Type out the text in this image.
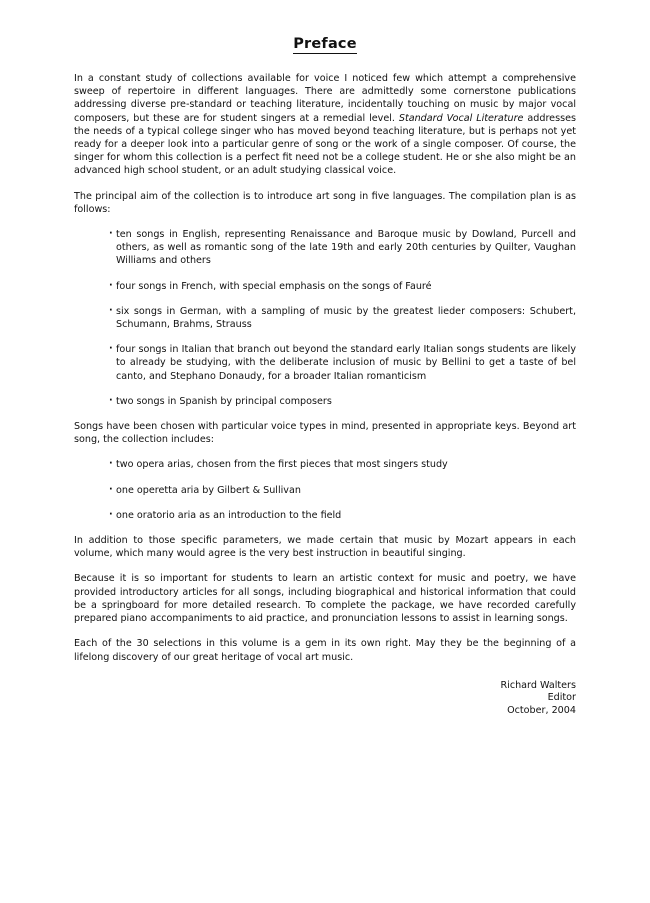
Preface

In a constant study of collections available for voice I noticed few which attempt a comprehensive sweep of repertoire in different languages. There are admittedly some cornerstone publications addressing diverse pre-standard or teaching literature, incidentally touching on music by major vocal composers, but these are for student singers at a remedial level. Standard Vocal Literature addresses the needs of a typical college singer who has moved beyond teaching literature, but is perhaps not yet ready for a deeper look into a particular genre of song or the work of a single composer. Of course, the singer for whom this collection is a perfect fit need not be a college student. He or she also might be an advanced high school student, or an adult studying classical voice.

The principal aim of the collection is to introduce art song in five languages. The compilation plan is as follows:

· ten songs in English, representing Renaissance and Baroque music by Dowland, Purcell and others, as well as romantic song of the late 19th and early 20th centuries by Quilter, Vaughan Williams and others
· four songs in French, with special emphasis on the songs of Fauré
· six songs in German, with a sampling of music by the greatest lieder composers: Schubert, Schumann, Brahms, Strauss
· four songs in Italian that branch out beyond the standard early Italian songs students are likely to already be studying, with the deliberate inclusion of music by Bellini to get a taste of bel canto, and Stephano Donaudy, for a broader Italian romanticism
· two songs in Spanish by principal composers

Songs have been chosen with particular voice types in mind, presented in appropriate keys. Beyond art song, the collection includes:

· two opera arias, chosen from the first pieces that most singers study
· one operetta aria by Gilbert & Sullivan
· one oratorio aria as an introduction to the field

In addition to those specific parameters, we made certain that music by Mozart appears in each volume, which many would agree is the very best instruction in beautiful singing.

Because it is so important for students to learn an artistic context for music and poetry, we have provided introductory articles for all songs, including biographical and historical information that could be a springboard for more detailed research. To complete the package, we have recorded carefully prepared piano accompaniments to aid practice, and pronunciation lessons to assist in learning songs.

Each of the 30 selections in this volume is a gem in its own right. May they be the beginning of a lifelong discovery of our great heritage of vocal art music.

Richard Walters
Editor
October, 2004
